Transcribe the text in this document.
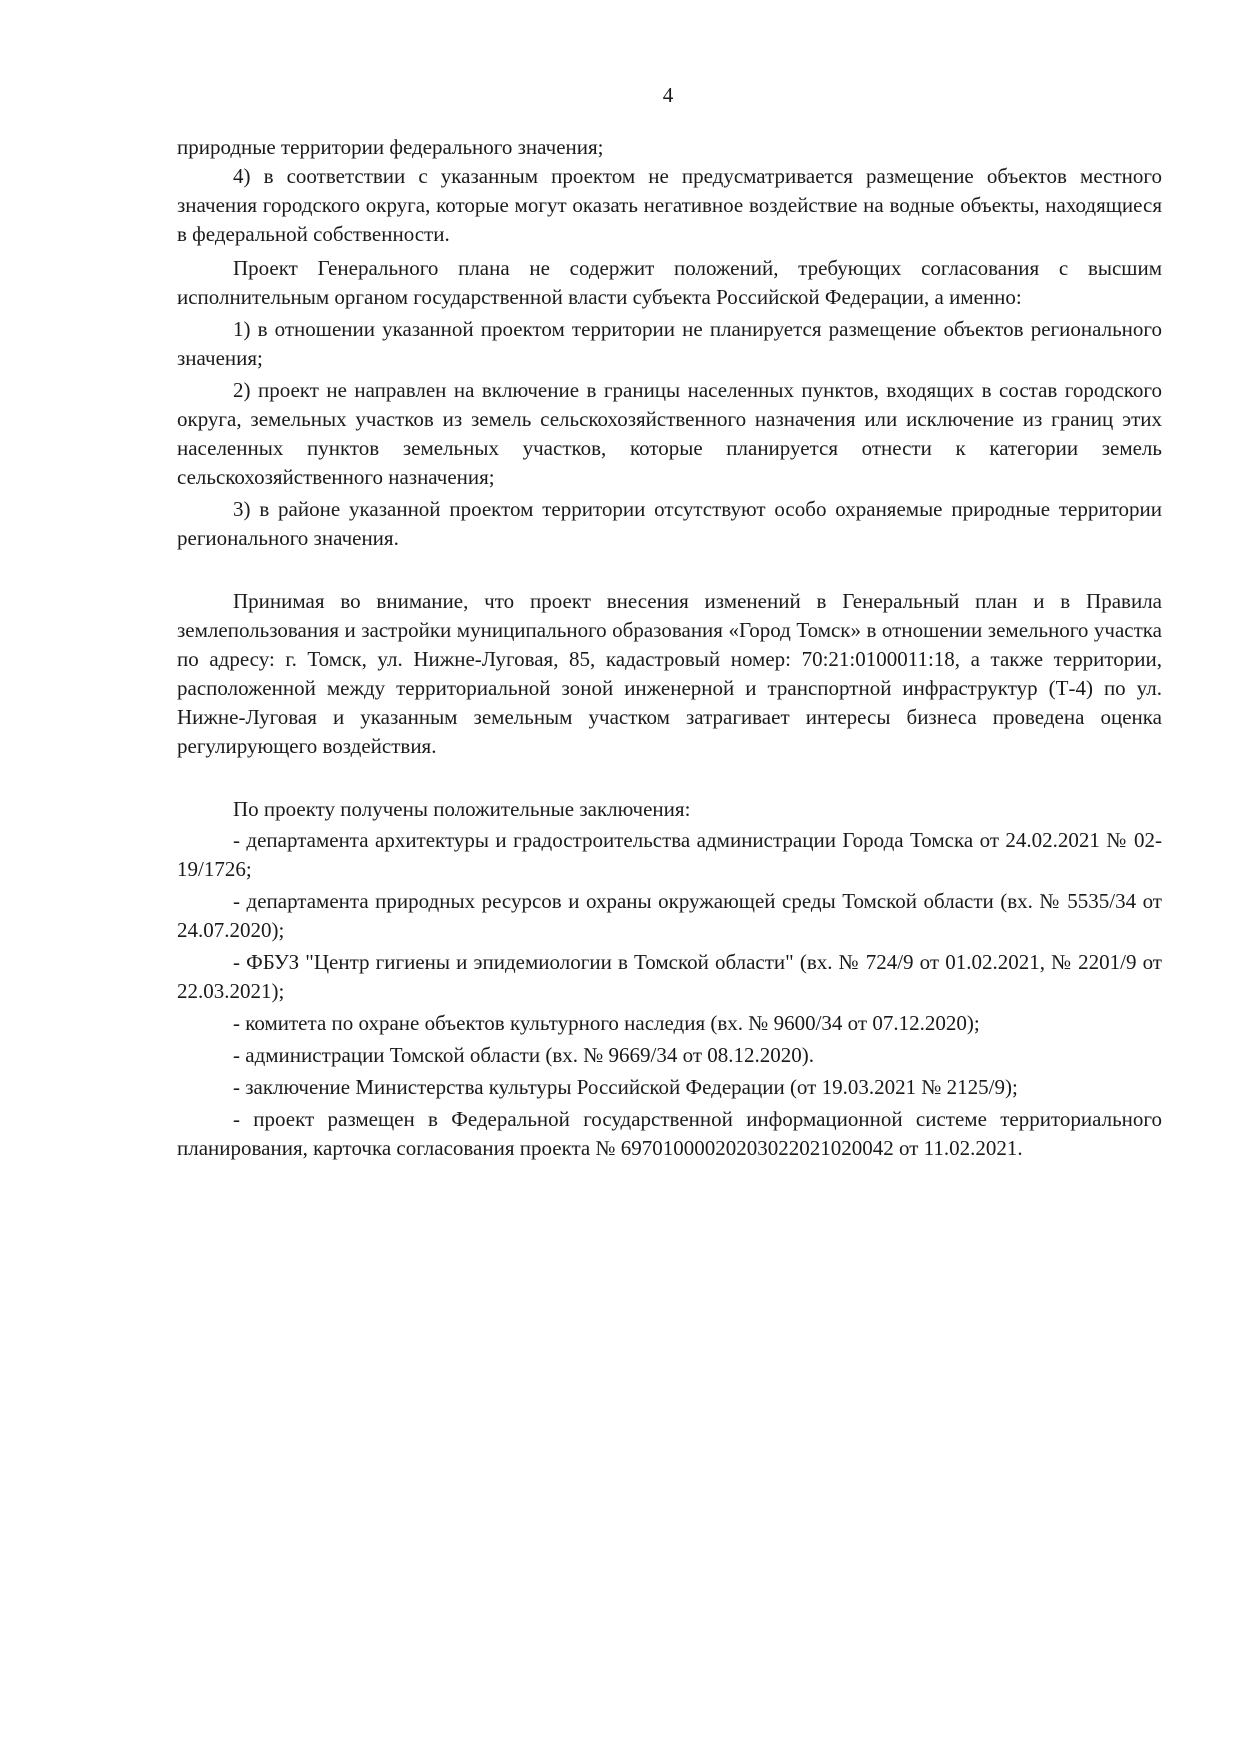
4

природные территории федерального значения;

4) в соответствии с указанным проектом не предусматривается размещение объектов местного значения городского округа, которые могут оказать негативное воздействие на водные объекты, находящиеся в федеральной собственности.

Проект Генерального плана не содержит положений, требующих согласования с высшим исполнительным органом государственной власти субъекта Российской Федерации, а именно:

1) в отношении указанной проектом территории не планируется размещение объектов регионального значения;

2) проект не направлен на включение в границы населенных пунктов, входящих в состав городского округа, земельных участков из земель сельскохозяйственного назначения или исключение из границ этих населенных пунктов земельных участков, которые планируется отнести к категории земель сельскохозяйственного назначения;

3) в районе указанной проектом территории отсутствуют особо охраняемые природные территории регионального значения.

Принимая во внимание, что проект внесения изменений в Генеральный план и в Правила землепользования и застройки муниципального образования «Город Томск» в отношении земельного участка по адресу: г. Томск, ул. Нижне-Луговая, 85, кадастровый номер: 70:21:0100011:18, а также территории, расположенной между территориальной зоной инженерной и транспортной инфраструктур (Т-4) по ул. Нижне-Луговая и указанным земельным участком затрагивает интересы бизнеса проведена оценка регулирующего воздействия.

По проекту получены положительные заключения:

- департамента архитектуры и градостроительства администрации Города Томска от 24.02.2021 № 02-19/1726;

- департамента природных ресурсов и охраны окружающей среды Томской области (вх. № 5535/34 от 24.07.2020);

- ФБУЗ "Центр гигиены и эпидемиологии в Томской области" (вх. № 724/9 от 01.02.2021, № 2201/9 от 22.03.2021);

- комитета по охране объектов культурного наследия (вх. № 9600/34 от 07.12.2020);

- администрации Томской области (вх. № 9669/34 от 08.12.2020).

- заключение Министерства культуры Российской Федерации (от 19.03.2021 № 2125/9);

- проект размещен в Федеральной государственной информационной системе территориального планирования, карточка согласования проекта № 69701000020203022021020042 от 11.02.2021.
